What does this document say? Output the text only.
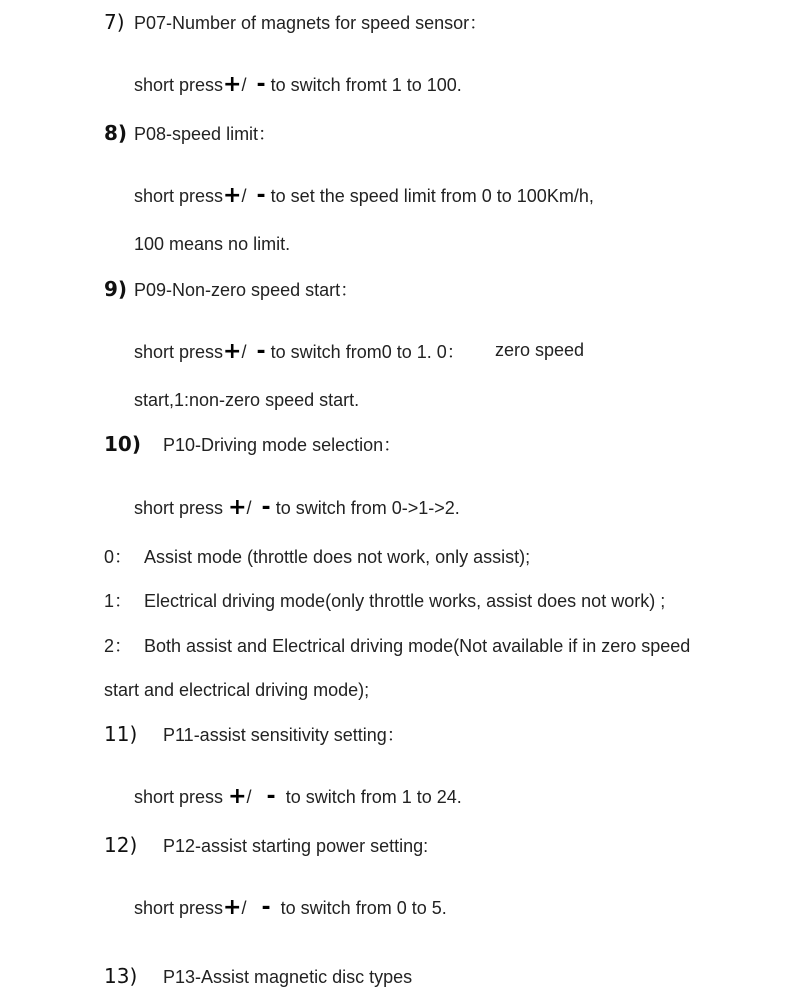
7) P07-Number of magnets for speed sensor：
short press+/ - to switch fromt 1 to 100.
8) P08-speed limit：
short press+/ - to set the speed limit from 0 to 100Km/h,
100 means no limit.
9) P09-Non-zero speed start：
short press+/ - to switch from0 to 1. 0： zero speed
start,1:non-zero speed start.
10) P10-Driving mode selection：
short press +/ - to switch from 0->1->2.
0： Assist mode (throttle does not work, only assist);
1： Electrical driving mode(only throttle works, assist does not work) ;
2： Both assist and Electrical driving mode(Not available if in zero speed
start and electrical driving mode);
11) P11-assist sensitivity setting：
short press +/ - to switch from 1 to 24.
12) P12-assist starting power setting:
short press+/ - to switch from 0 to 5.
13) P13-Assist magnetic disc types
